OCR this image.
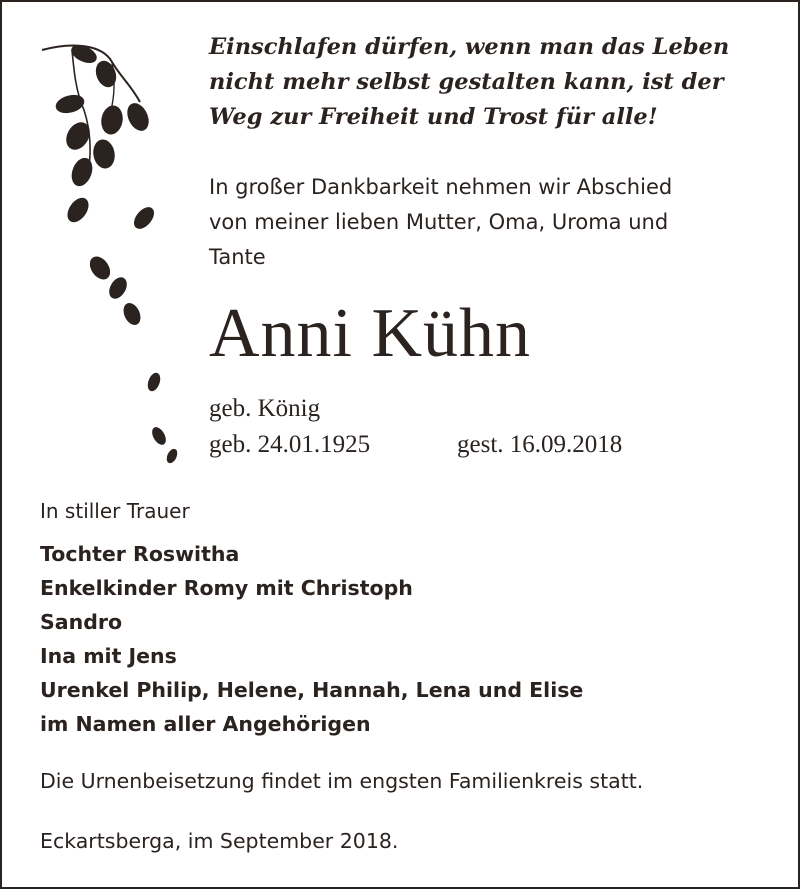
Einschlafen dürfen, wenn man das Leben
nicht mehr selbst gestalten kann, ist der
Weg zur Freiheit und Trost für alle!
In großer Dankbarkeit nehmen wir Abschied
von meiner lieben Mutter, Oma, Uroma und
Tante
Anni Kühn
geb. König
geb. 24.01.1925	gest. 16.09.2018
In stiller Trauer
Tochter Roswitha
Enkelkinder Romy mit Christoph
Sandro
Ina mit Jens
Urenkel Philip, Helene, Hannah, Lena und Elise
im Namen aller Angehörigen
Die Urnenbeisetzung findet im engsten Familienkreis statt.
Eckartsberga, im September 2018.
